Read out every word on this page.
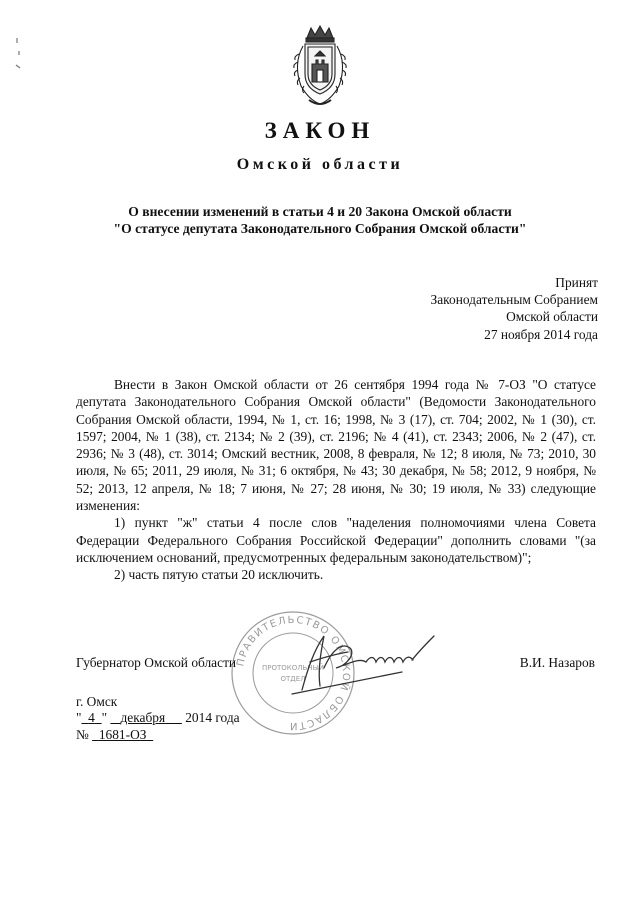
ЗАКОН
Омской области
О внесении изменений в статьи 4 и 20 Закона Омской области
"О статусе депутата Законодательного Собрания Омской области"
Принят
Законодательным Собранием
Омской области
27 ноября 2014 года

Внести в Закон Омской области от 26 сентября 1994 года № 7-ОЗ "О статусе депутата Законодательного Собрания Омской области" (Ведомости Законодательного Собрания Омской области, 1994, № 1, ст. 16; 1998, № 3 (17), ст. 704; 2002, № 1 (30), ст. 1597; 2004, № 1 (38), ст. 2134; № 2 (39), ст. 2196; № 4 (41), ст. 2343; 2006, № 2 (47), ст. 2936; № 3 (48), ст. 3014; Омский вестник, 2008, 8 февраля, № 12; 8 июля, № 73; 2010, 30 июля, № 65; 2011, 29 июля, № 31; 6 октября, № 43; 30 декабря, № 58; 2012, 9 ноября, № 52; 2013, 12 апреля, № 18; 7 июня, № 27; 28 июня, № 30; 19 июля, № 33) следующие изменения:

1) пункт "ж" статьи 4 после слов "наделения полномочиями члена Совета Федерации Федерального Собрания Российской Федерации" дополнить словами "(за исключением оснований, предусмотренных федеральным законодательством)";

2) часть пятую статьи 20 исключить.

ПРАВИТЕЛЬСТВО ОМСКОЙ ОБЛАСТИ
ПРОТОКОЛЬНЫЙ
ОТДЕЛ
Губернатор Омской области	В.И. Назаров
г. Омск
" 4 " декабря 2014 года
№ 1681-ОЗ
